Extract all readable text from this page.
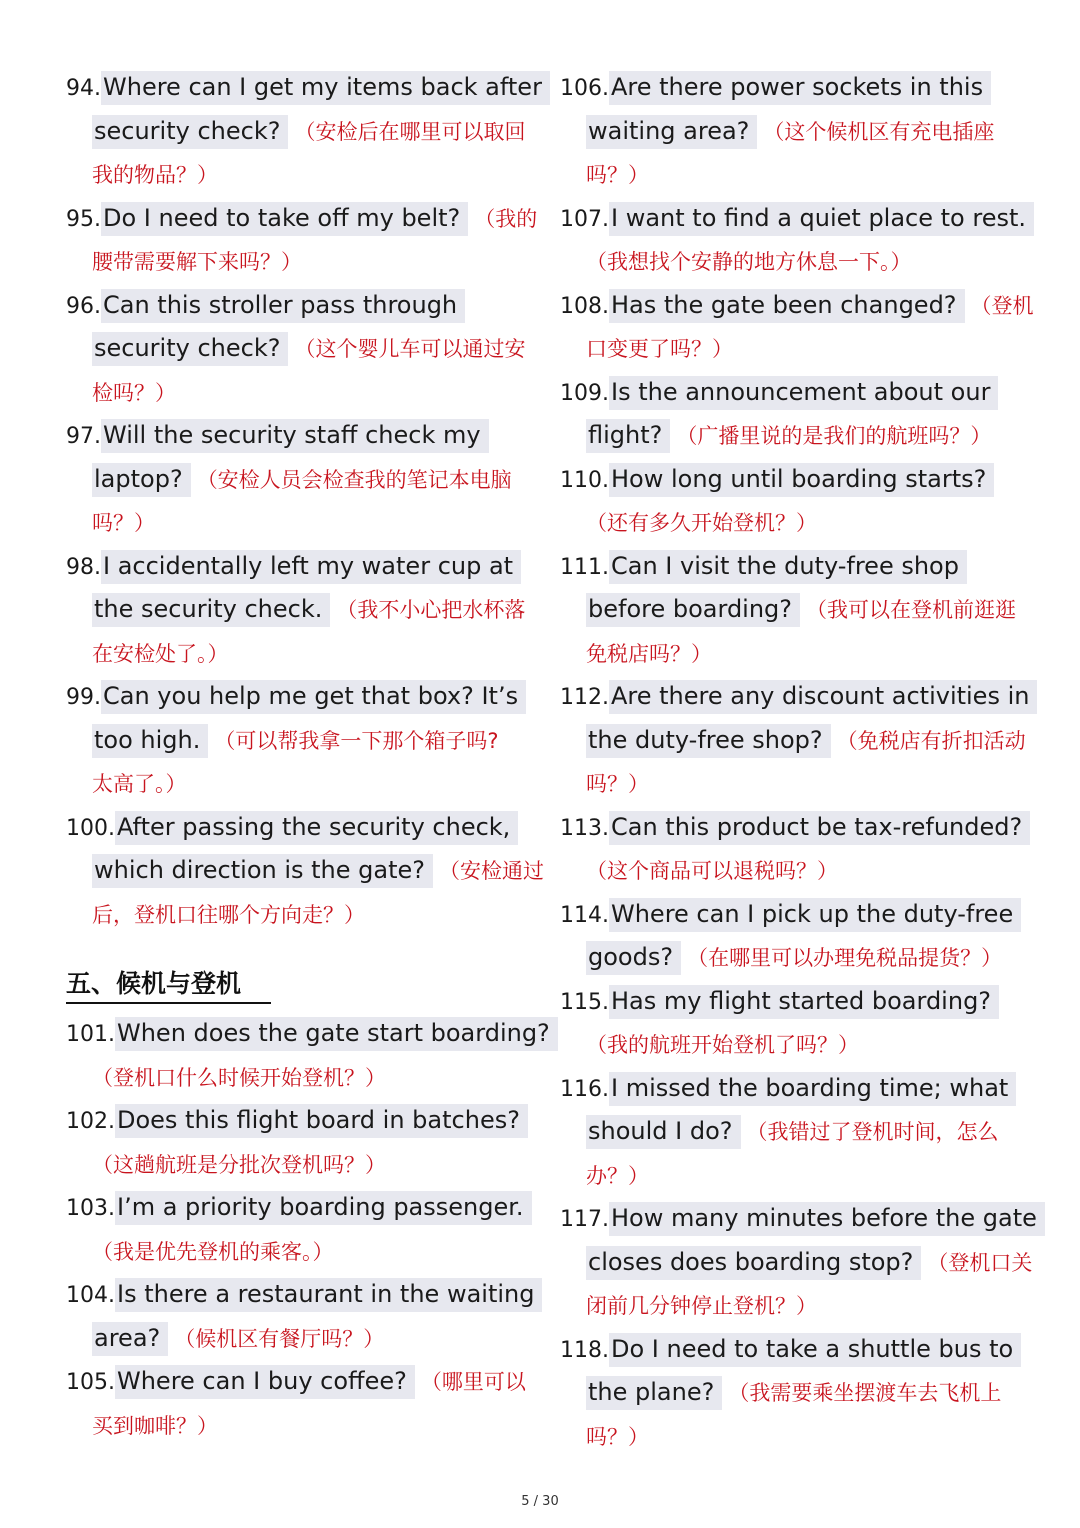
94.Where can I get my items back after
security check? （安检后在哪里可以取回
我的物品？）
95.Do I need to take off my belt? （我的
腰带需要解下来吗？）
96.Can this stroller pass through
security check? （这个婴儿车可以通过安
检吗？）
97.Will the security staff check my
laptop? （安检人员会检查我的笔记本电脑
吗？）
98.I accidentally left my water cup at
the security check. （我不小心把水杯落
在安检处了。）
99.Can you help me get that box? It’s
too high. （可以帮我拿一下那个箱子吗?
太高了。）
100.After passing the security check,
which direction is the gate? （安检通过
后，登机口往哪个方向走？）
五、候机与登机
101.When does the gate start boarding?
（登机口什么时候开始登机？）
102.Does this flight board in batches?
（这趟航班是分批次登机吗？）
103.I’m a priority boarding passenger.
（我是优先登机的乘客。）
104.Is there a restaurant in the waiting
area? （候机区有餐厅吗？）
105.Where can I buy coffee? （哪里可以
买到咖啡？）
106.Are there power sockets in this
waiting area? （这个候机区有充电插座
吗？）
107.I want to find a quiet place to rest.
（我想找个安静的地方休息一下。）
108.Has the gate been changed? （登机
口变更了吗？）
109.Is the announcement about our
flight? （广播里说的是我们的航班吗？）
110.How long until boarding starts?
（还有多久开始登机？）
111.Can I visit the duty-free shop
before boarding? （我可以在登机前逛逛
免税店吗？）
112.Are there any discount activities in
the duty-free shop? （免税店有折扣活动
吗？）
113.Can this product be tax-refunded?
（这个商品可以退税吗？）
114.Where can I pick up the duty-free
goods? （在哪里可以办理免税品提货？）
115.Has my flight started boarding?
（我的航班开始登机了吗？）
116.I missed the boarding time; what
should I do? （我错过了登机时间，怎么
办？）
117.How many minutes before the gate
closes does boarding stop? （登机口关
闭前几分钟停止登机？）
118.Do I need to take a shuttle bus to
the plane? （我需要乘坐摆渡车去飞机上
吗？）
5 / 30
